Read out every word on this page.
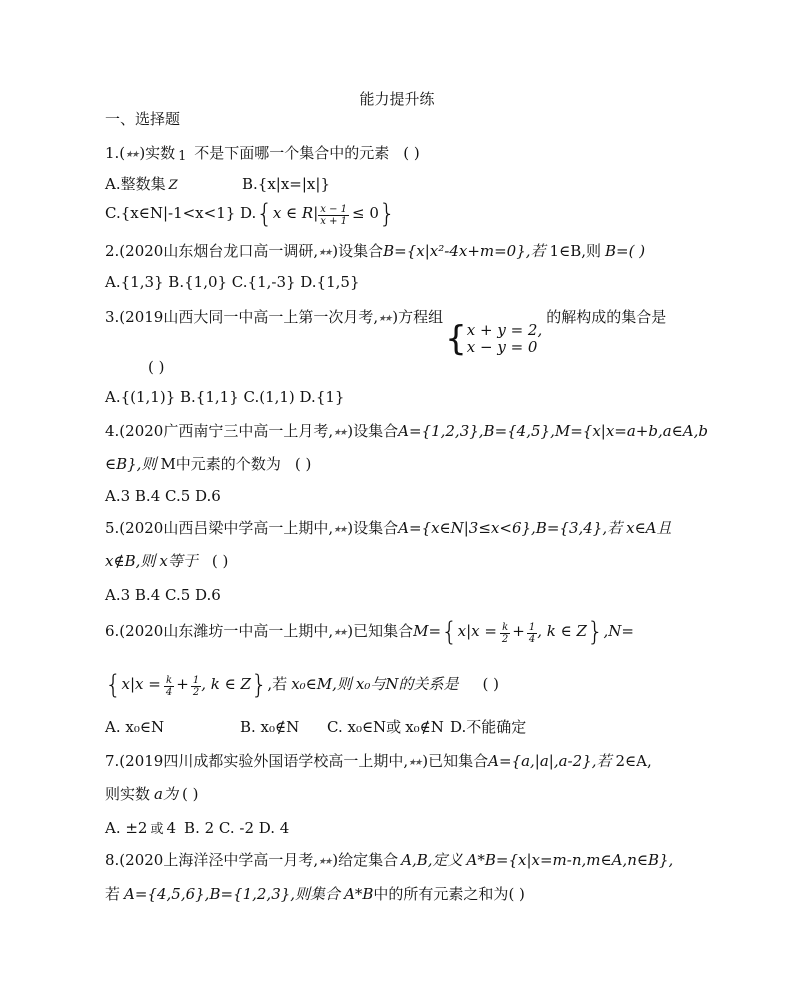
能力提升练
一、选择题
1.(★★ )实数 1 不是下面哪一个集合中的元素 ( )
A.整数集 Z	B.{x|x=|x|}
C.{x∈N|-1<x<1} D.{x ∈ $R| \frac{x - 1}{x + 1} \le 0$}
2.(2020山东烟台龙口高一调研,★★ )设集合B={x|x²-4x+m=0},若 1∈B,则 B=( )
A.{1,3} B.{1,0} C.{1,-3} D.{1,5}
3.(2019山西大同一中高一上第一次月考,★★ )方程组{ x + y = 2,
x − y = 0
的解构成的集合是
( )
A.{(1,1)} B.{1,1} C.(1,1) D.{1}
4.(2020广西南宁三中高一上月考,★★ )设集合A={1,2,3},B={4,5},M={x|x=a+b,a∈A,b
∈B},则 M中元素的个数为 ( )
A.3 B.4 C.5 D.6
5.(2020山西吕梁中学高一上期中,★★ )设集合A={x∈N|3≤x<6},B={3,4},若 x∈A且
x∉B,则 x等于 ( )
A.3 B.4 C.5 D.6
6.(2020山东潍坊一中高一上期中,★★ )已知集合$M=\{x|x = \frac{k}{2} + \frac{1}{4}$ , k ∈ Z},N=
{$x|x = \frac{k}{4} + \frac{1}{2}$ , k ∈ Z},若 x₀∈M,则 x₀与N的关系是 ( )
A. x₀∈N	B. x₀∉N C. x₀∈N或 x₀∉N D.不能确定
7.(2019四川成都实验外国语学校高一上期中,★★ )已知集合A={a,|a|,a-2},若 2∈A,
则实数 a为 ( )
A. ±2 或 4 B. 2 C. -2 D. 4
8.(2020上海洋泾中学高一月考,★★ )给定集合 A,B,定义 A*B={x|x=m-n,m∈A,n∈B},
若 A={4,5,6},B={1,2,3},则集合 A*B中的所有元素之和为( )
